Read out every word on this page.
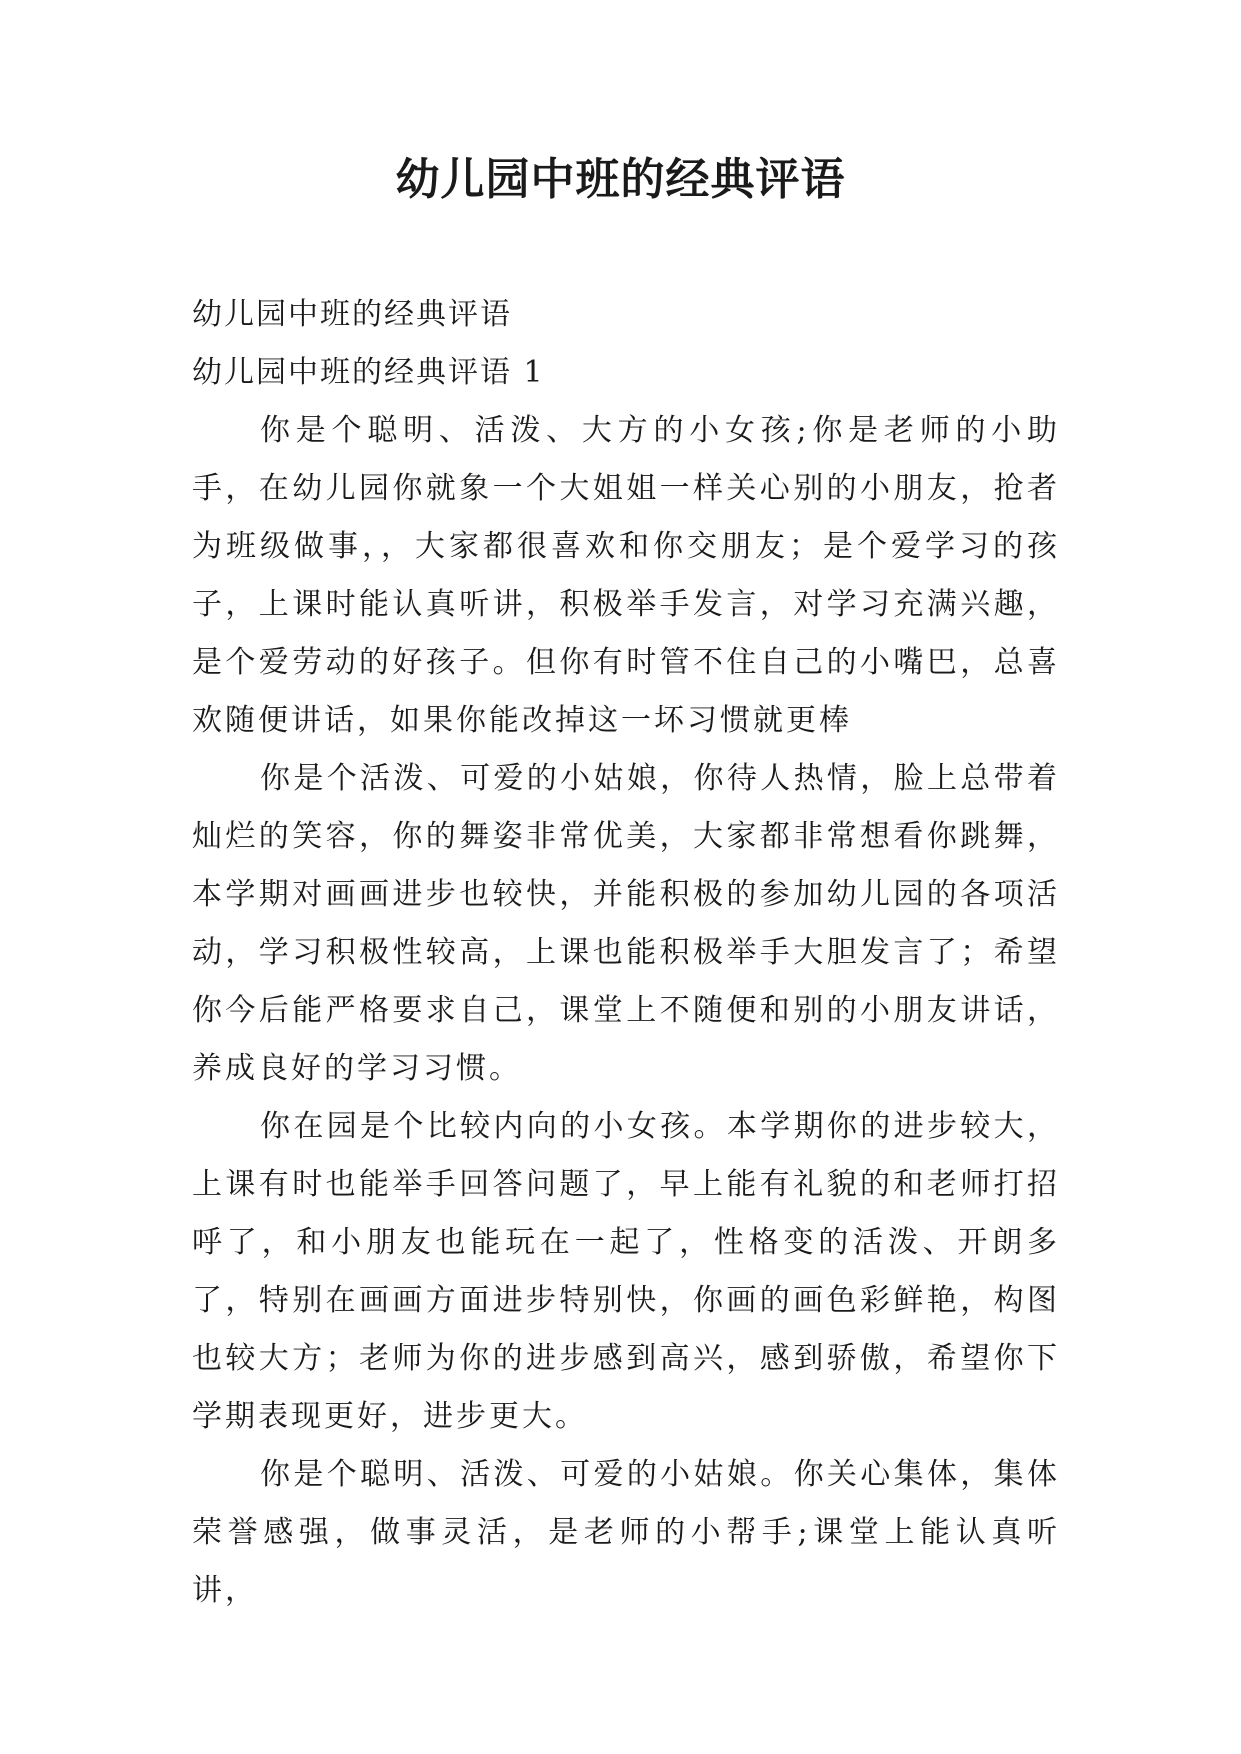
幼儿园中班的经典评语

幼儿园中班的经典评语

幼儿园中班的经典评语 1

你是个聪明、活泼、大方的小女孩;你是老师的小助手，在幼儿园你就象一个大姐姐一样关心别的小朋友，抢者为班级做事，，大家都很喜欢和你交朋友；是个爱学习的孩子，上课时能认真听讲，积极举手发言，对学习充满兴趣，是个爱劳动的好孩子。但你有时管不住自己的小嘴巴，总喜欢随便讲话，如果你能改掉这一坏习惯就更棒

你是个活泼、可爱的小姑娘，你待人热情，脸上总带着灿烂的笑容，你的舞姿非常优美，大家都非常想看你跳舞，本学期对画画进步也较快，并能积极的参加幼儿园的各项活动，学习积极性较高，上课也能积极举手大胆发言了；希望你今后能严格要求自己，课堂上不随便和别的小朋友讲话，养成良好的学习习惯。

你在园是个比较内向的小女孩。本学期你的进步较大，上课有时也能举手回答问题了，早上能有礼貌的和老师打招呼了，和小朋友也能玩在一起了，性格变的活泼、开朗多了，特别在画画方面进步特别快，你画的画色彩鲜艳，构图也较大方；老师为你的进步感到高兴，感到骄傲，希望你下学期表现更好，进步更大。

你是个聪明、活泼、可爱的小姑娘。你关心集体，集体荣誉感强，做事灵活，是老师的小帮手;课堂上能认真听讲，
